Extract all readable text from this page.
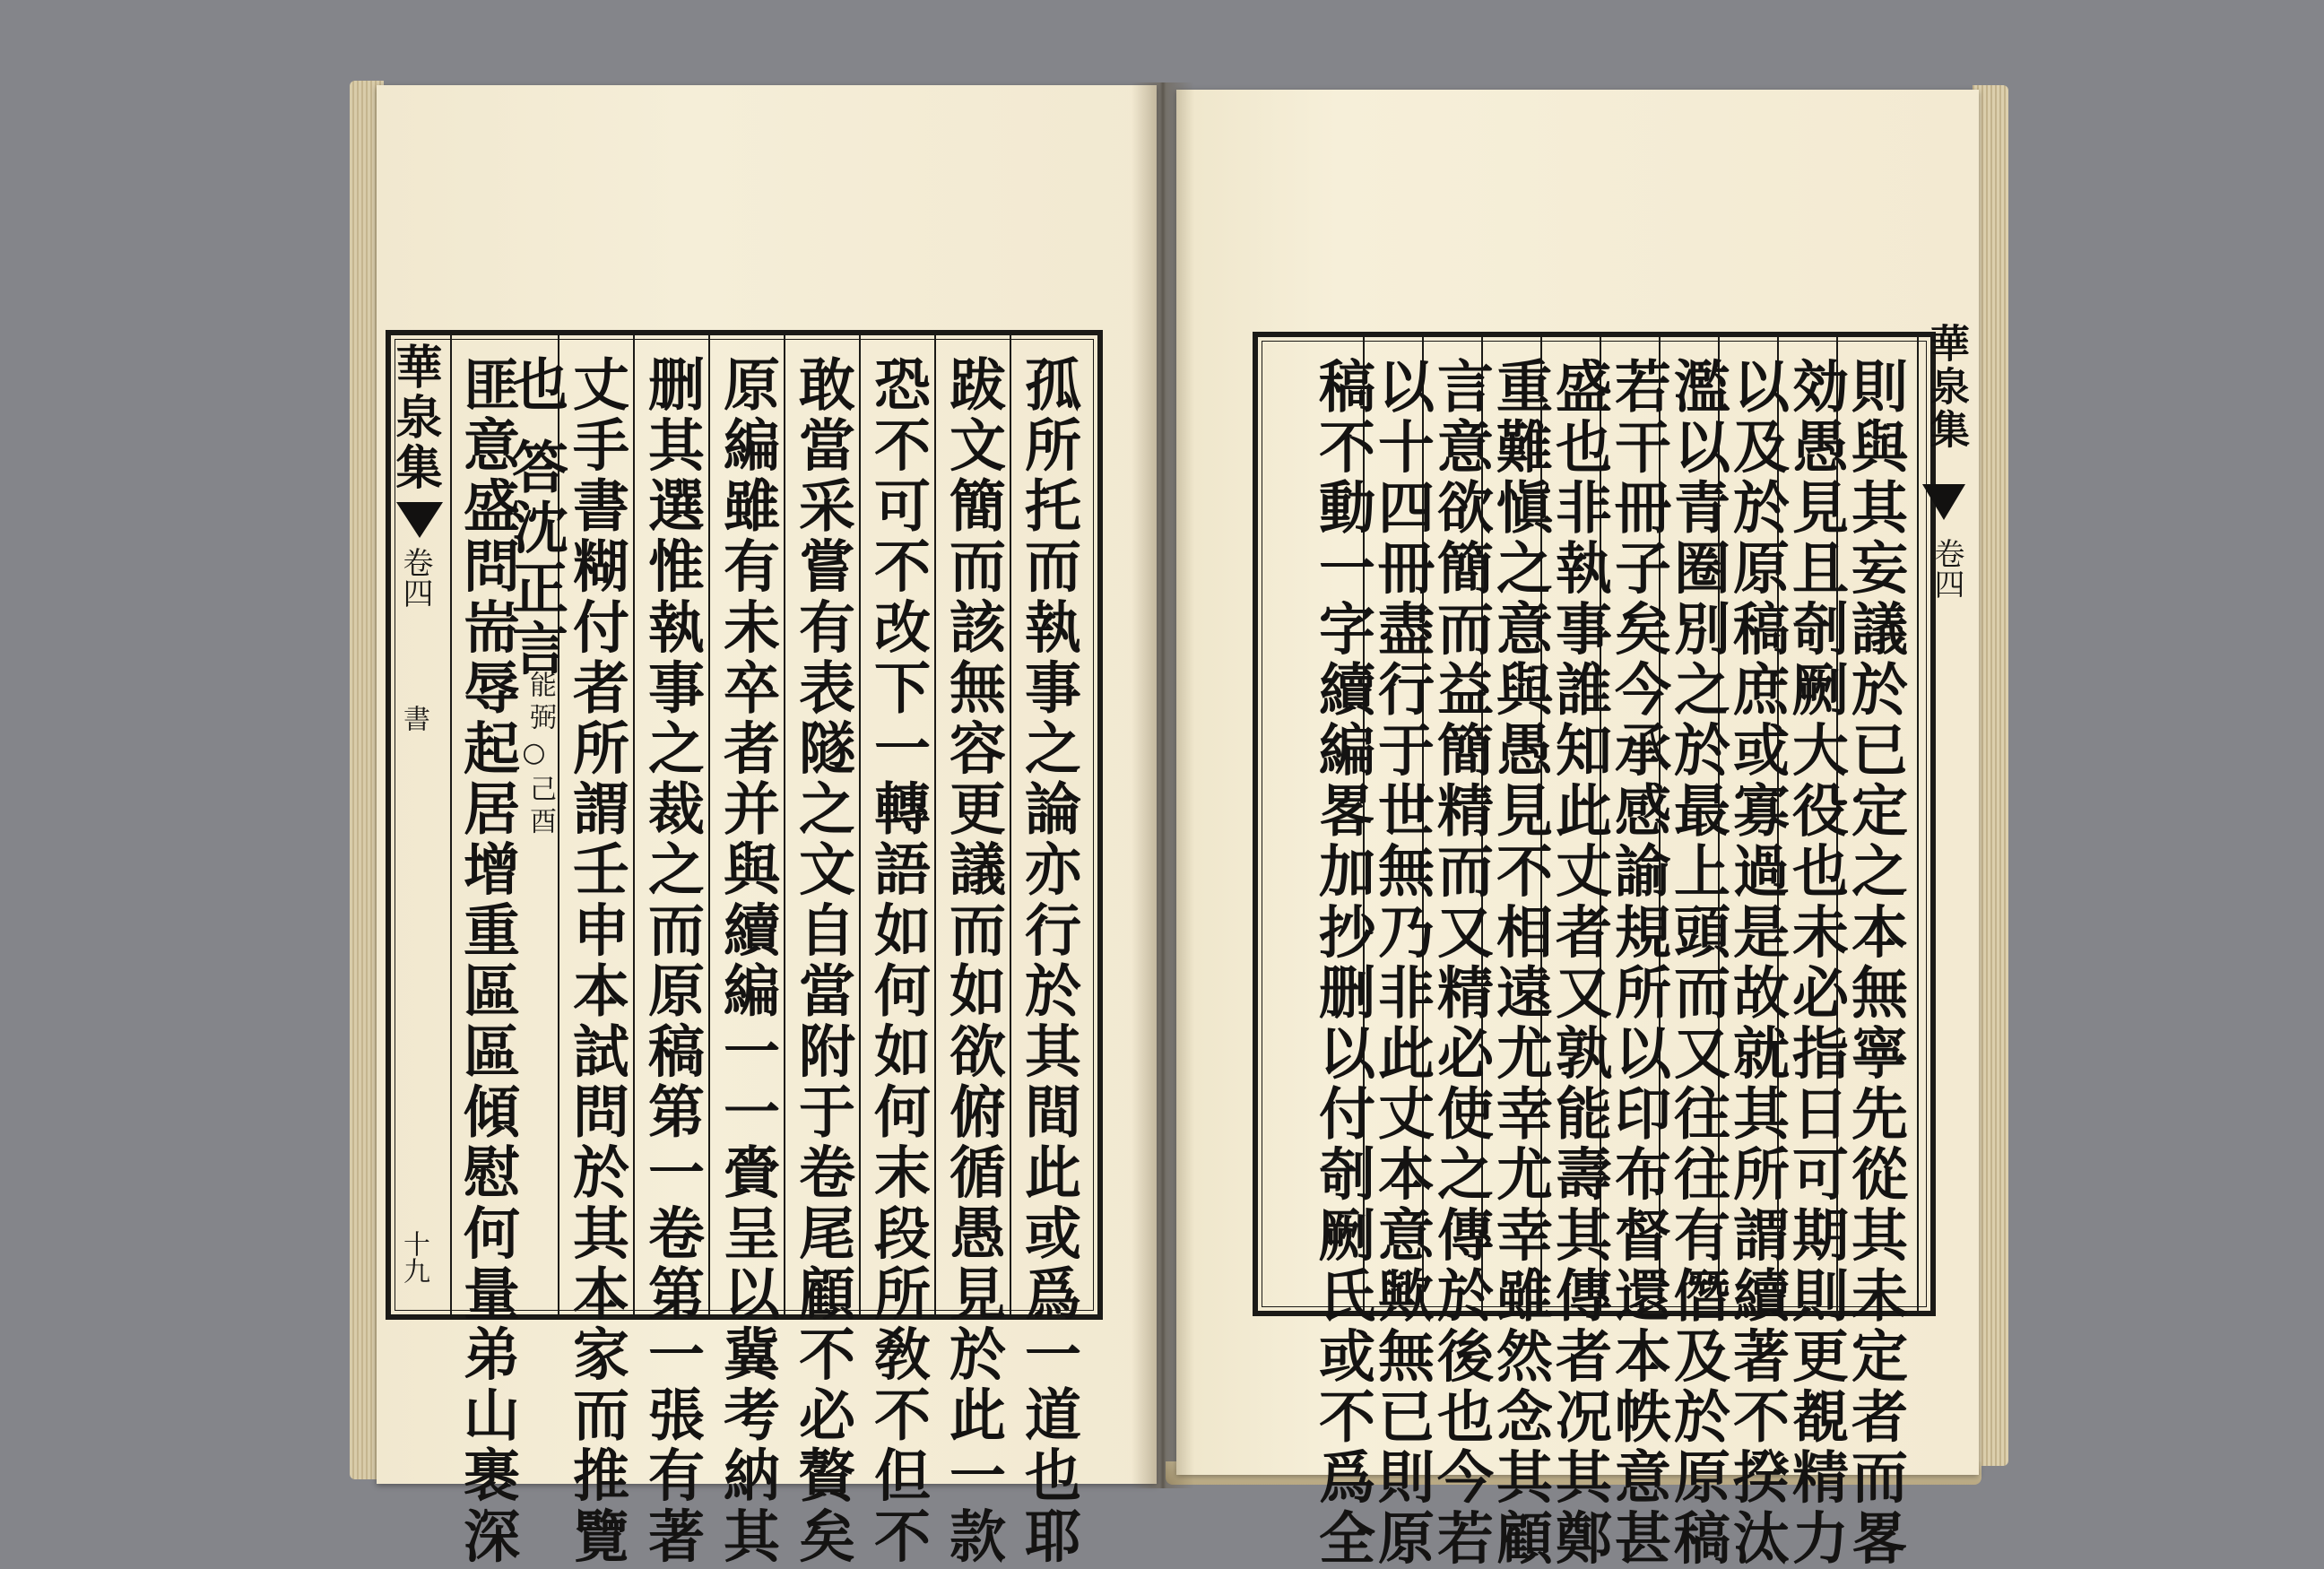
華泉集
卷四
書
十九	孤所托而執事之論亦行於其間此或爲一道也耶
跋文簡而該無容更議而如欲俯循愚見於此一款
恐不可不改下一轉語如何如何末段所敎不但不
敢當采嘗有表隧之文自當附于卷尾顧不必贅矣
原編雖有未卒者并與續編一一賫呈以冀考納其
删其選惟執事之裁之而原稿第一卷第一張有著
丈手書糊付者所謂壬申本試問於其本家而推覽
也
匪意盛問耑辱起居增重區區傾慰何量弟山裹深
答沈正言
能弼
○
己酉	則與其妄議於已定之本無寧先從其未定者而畧
効愚見且剞劂大役也未必指日可期則更覩精力
以及於原稿庶或寡過是故就其所謂續著不揆汰
濫以青圈別之於最上頭而又往往有僭及於原稿
若干冊子矣今承感諭規所以印布督還本帙意甚
盛也非執事誰知此丈者又孰能壽其傳者况其鄭
重難愼之意與愚見不相遠尤幸尤幸雖然念其顧
言意欲簡而益簡精而又精必使之傳於後也今若
以十四冊盡行于世無乃非此丈本意歟無已則原
稿不動一字續編畧加抄删以付剞劂氏或不爲全	華泉集
卷四
